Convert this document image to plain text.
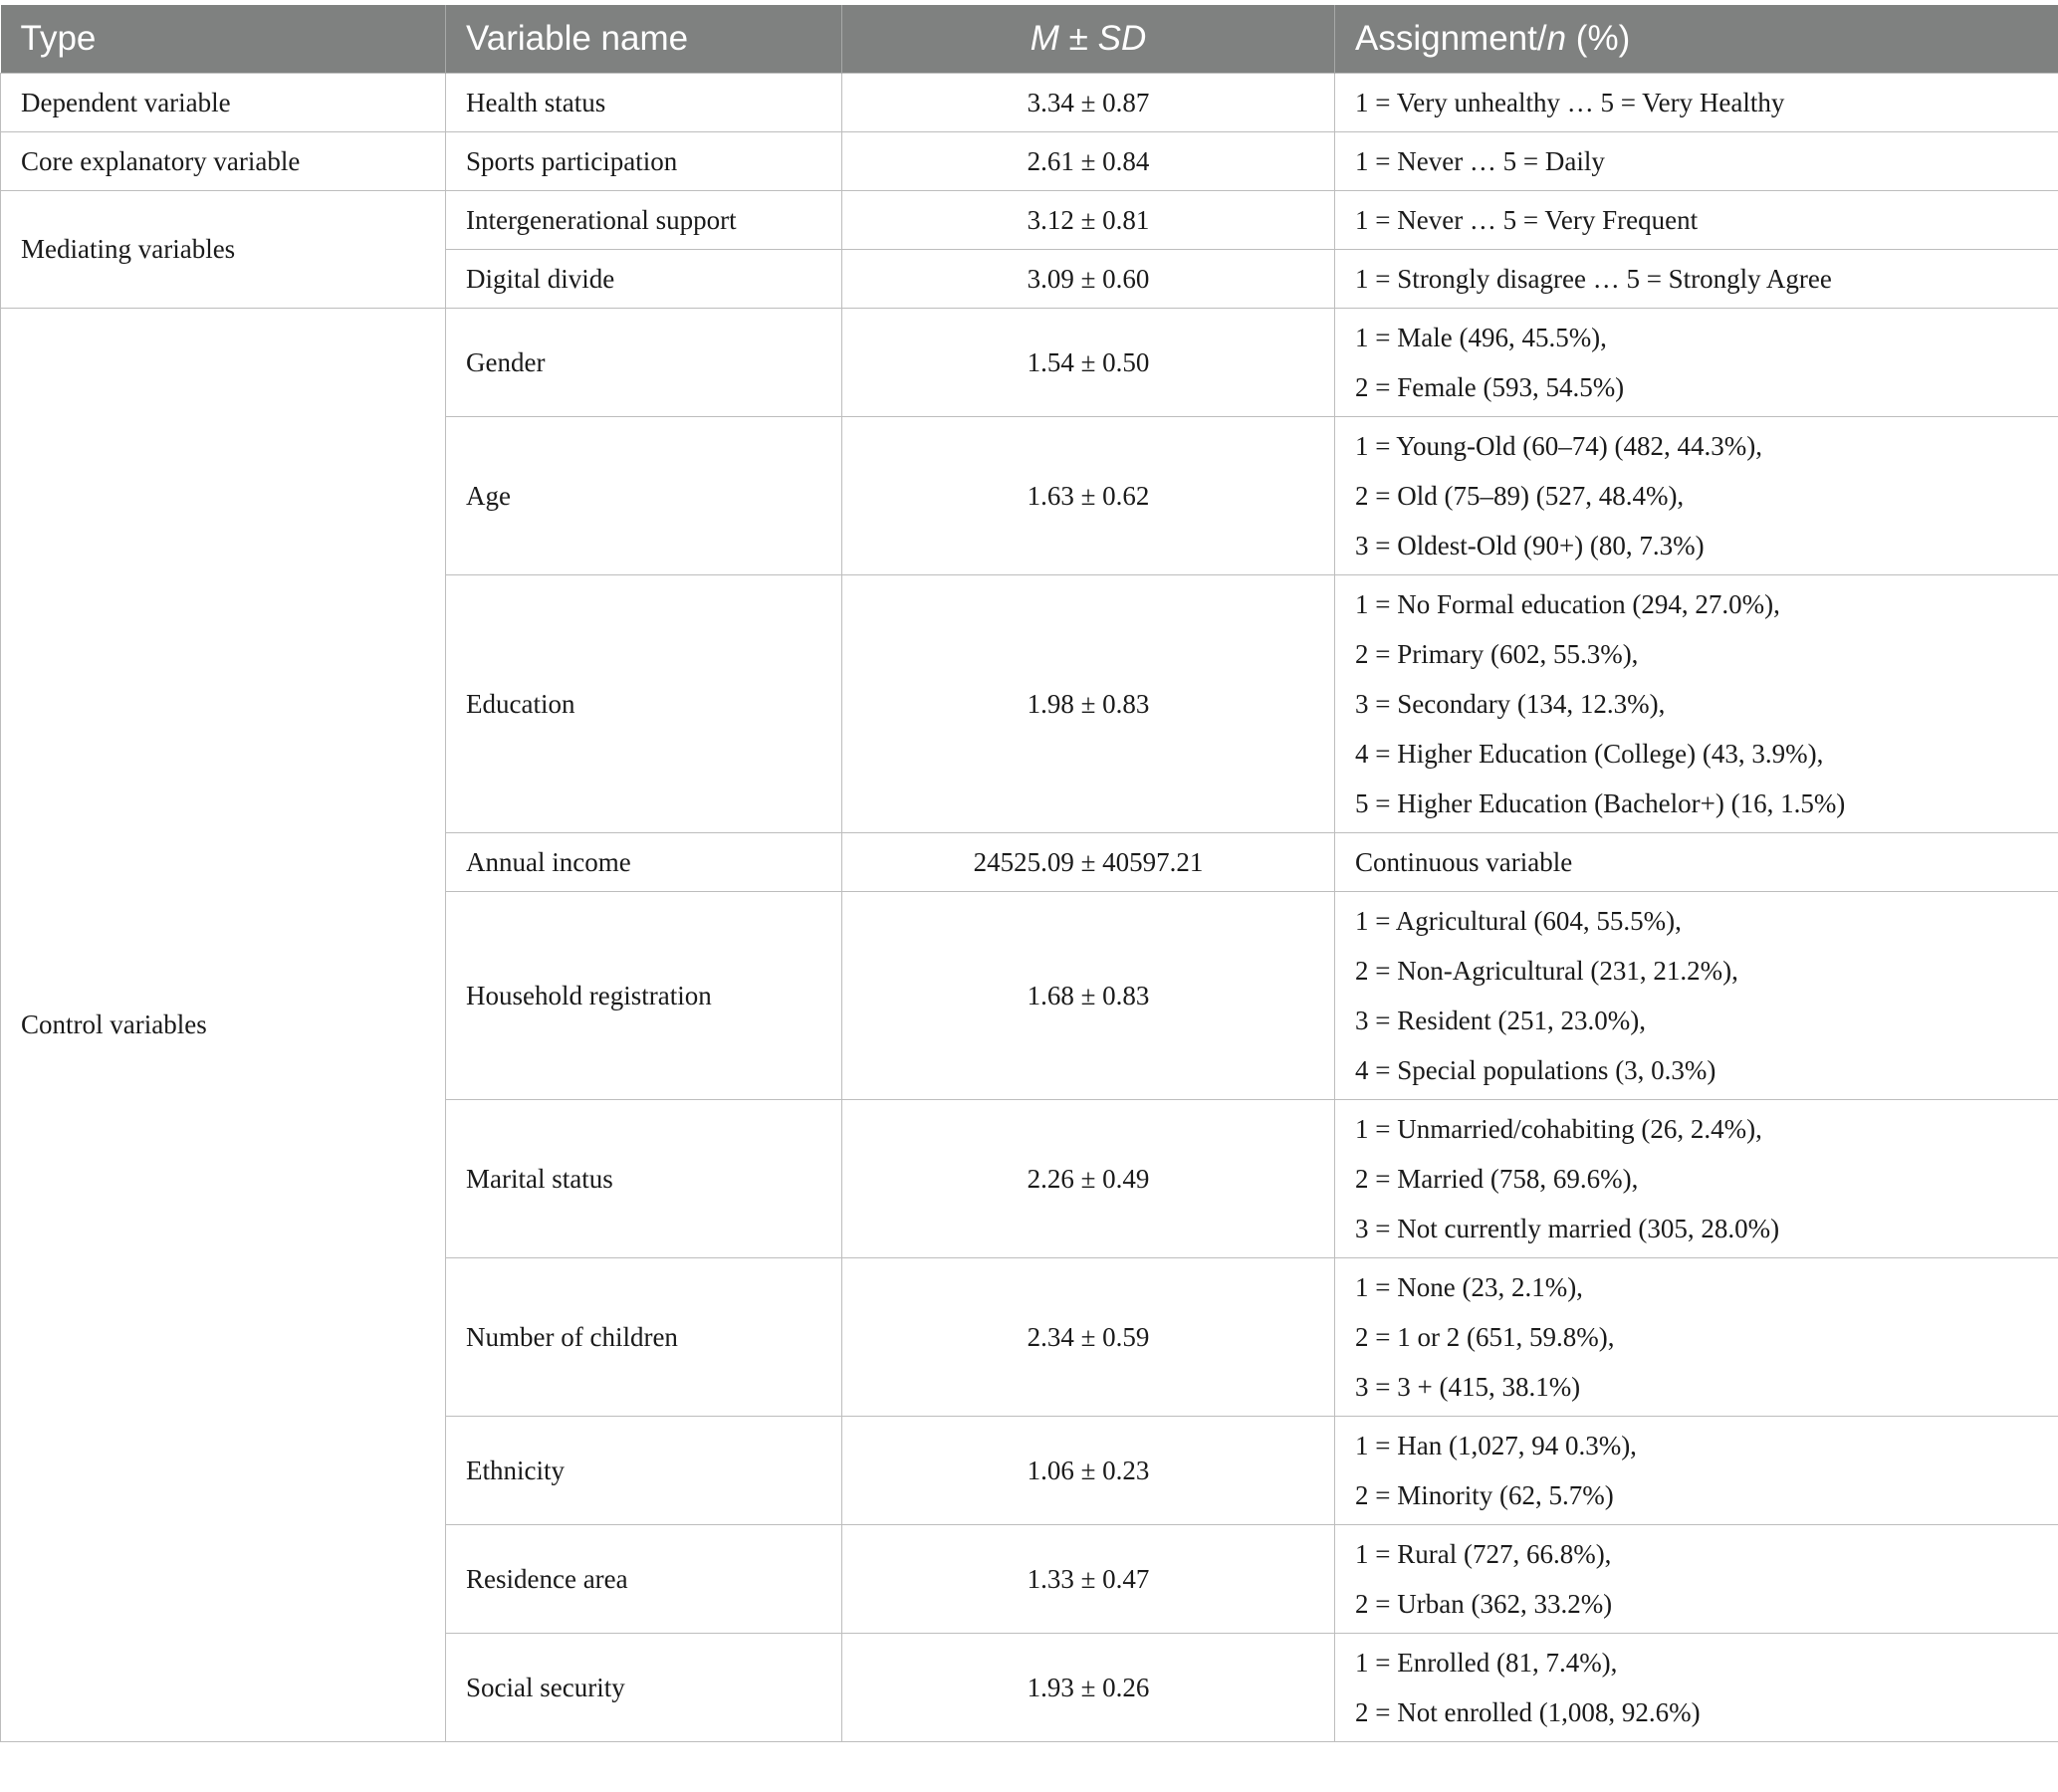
Type	Variable name	M ± SD	Assignment/n (%)
Dependent variable	Health status	3.34 ± 0.87	1 = Very unhealthy … 5 = Very Healthy

Core explanatory variable	Sports participation	2.61 ± 0.84	1 = Never … 5 = Daily

Mediating variables	Intergenerational support	3.12 ± 0.81	1 = Never … 5 = Very Frequent

	Digital divide	3.09 ± 0.60	1 = Strongly disagree … 5 = Strongly Agree

Control variables	Gender	1.54 ± 0.50	1 = Male (496, 45.5%),
2 = Female (593, 54.5%)

	Age	1.63 ± 0.62	1 = Young-Old (60–74) (482, 44.3%),
2 = Old (75–89) (527, 48.4%),
3 = Oldest-Old (90+) (80, 7.3%)

	Education	1.98 ± 0.83	1 = No Formal education (294, 27.0%),
2 = Primary (602, 55.3%),
3 = Secondary (134, 12.3%),
4 = Higher Education (College) (43, 3.9%),
5 = Higher Education (Bachelor+) (16, 1.5%)

	Annual income	24525.09 ± 40597.21	Continuous variable

	Household registration	1.68 ± 0.83	1 = Agricultural (604, 55.5%),
2 = Non-Agricultural (231, 21.2%),
3 = Resident (251, 23.0%),
4 = Special populations (3, 0.3%)

	Marital status	2.26 ± 0.49	1 = Unmarried/cohabiting (26, 2.4%),
2 = Married (758, 69.6%),
3 = Not currently married (305, 28.0%)

	Number of children	2.34 ± 0.59	1 = None (23, 2.1%),
2 = 1 or 2 (651, 59.8%),
3 = 3 + (415, 38.1%)

	Ethnicity	1.06 ± 0.23	1 = Han (1,027, 94 0.3%),
2 = Minority (62, 5.7%)

	Residence area	1.33 ± 0.47	1 = Rural (727, 66.8%),
2 = Urban (362, 33.2%)

	Social security	1.93 ± 0.26	1 = Enrolled (81, 7.4%),
2 = Not enrolled (1,008, 92.6%)
